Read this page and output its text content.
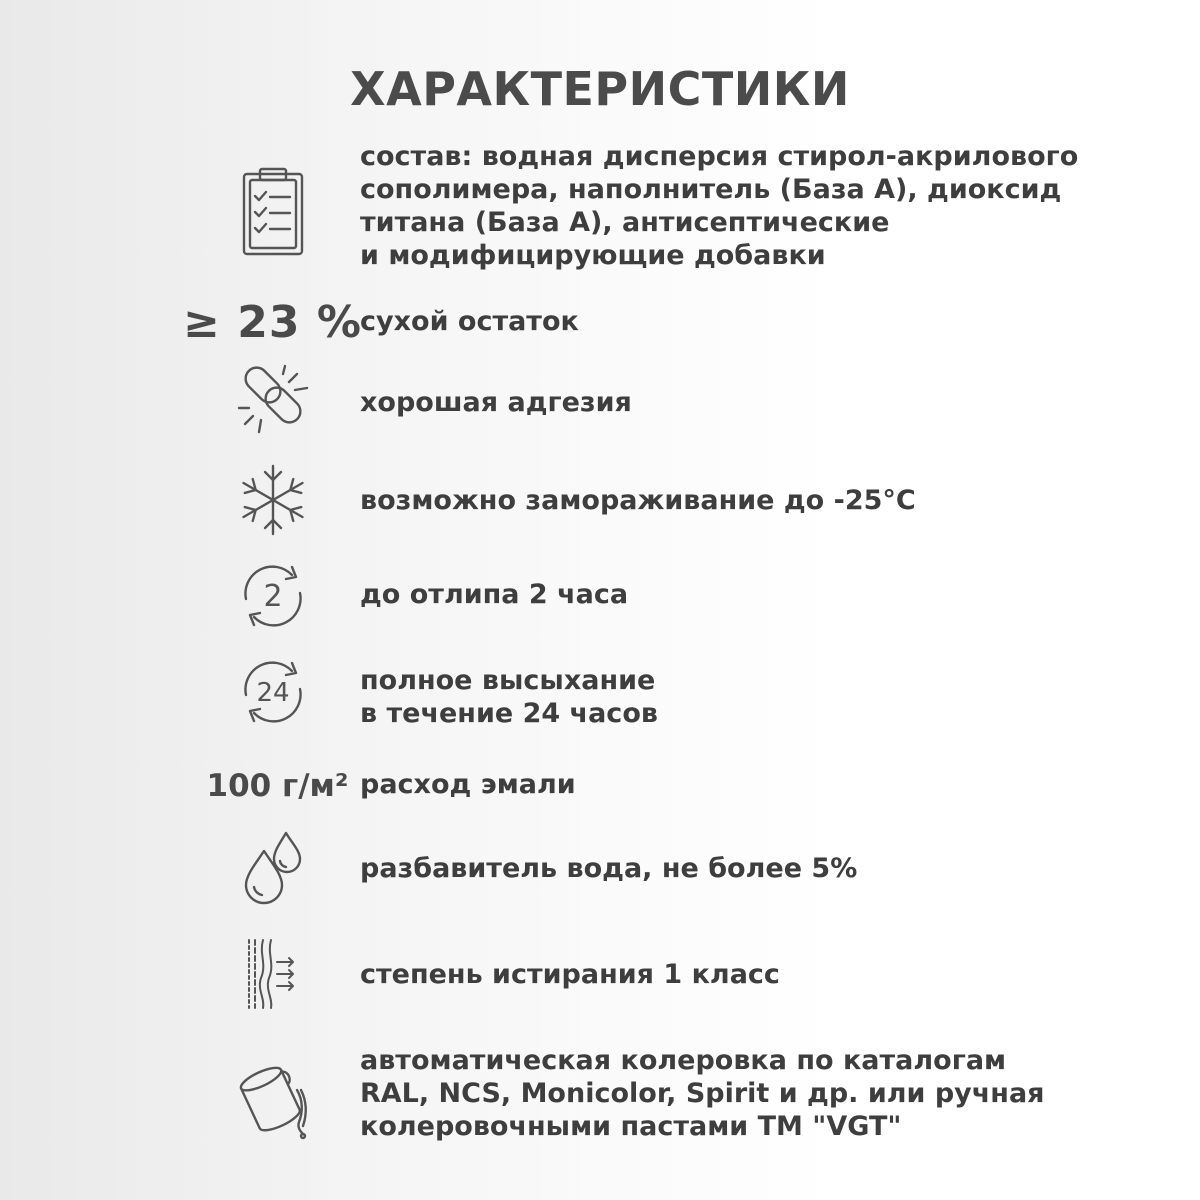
ХАРАКТЕРИСТИКИ
состав: водная дисперсия стирол-акрилового
сополимера, наполнитель (База А), диоксид
титана (База А), антисептические
и модифицирующие добавки
≥ 23 %
сухой остаток
хорошая адгезия
возможно замораживание до -25°С
2	до отлипа 2 часа
24	полное высыхание
в течение 24 часов
100 г/м² расход эмали
разбавитель вода, не более 5%
степень истирания 1 класс
автоматическая колеровка по каталогам
RAL, NCS, Monicolor, Spirit и др. или ручная
колеровочными пастами ТМ "VGT"
